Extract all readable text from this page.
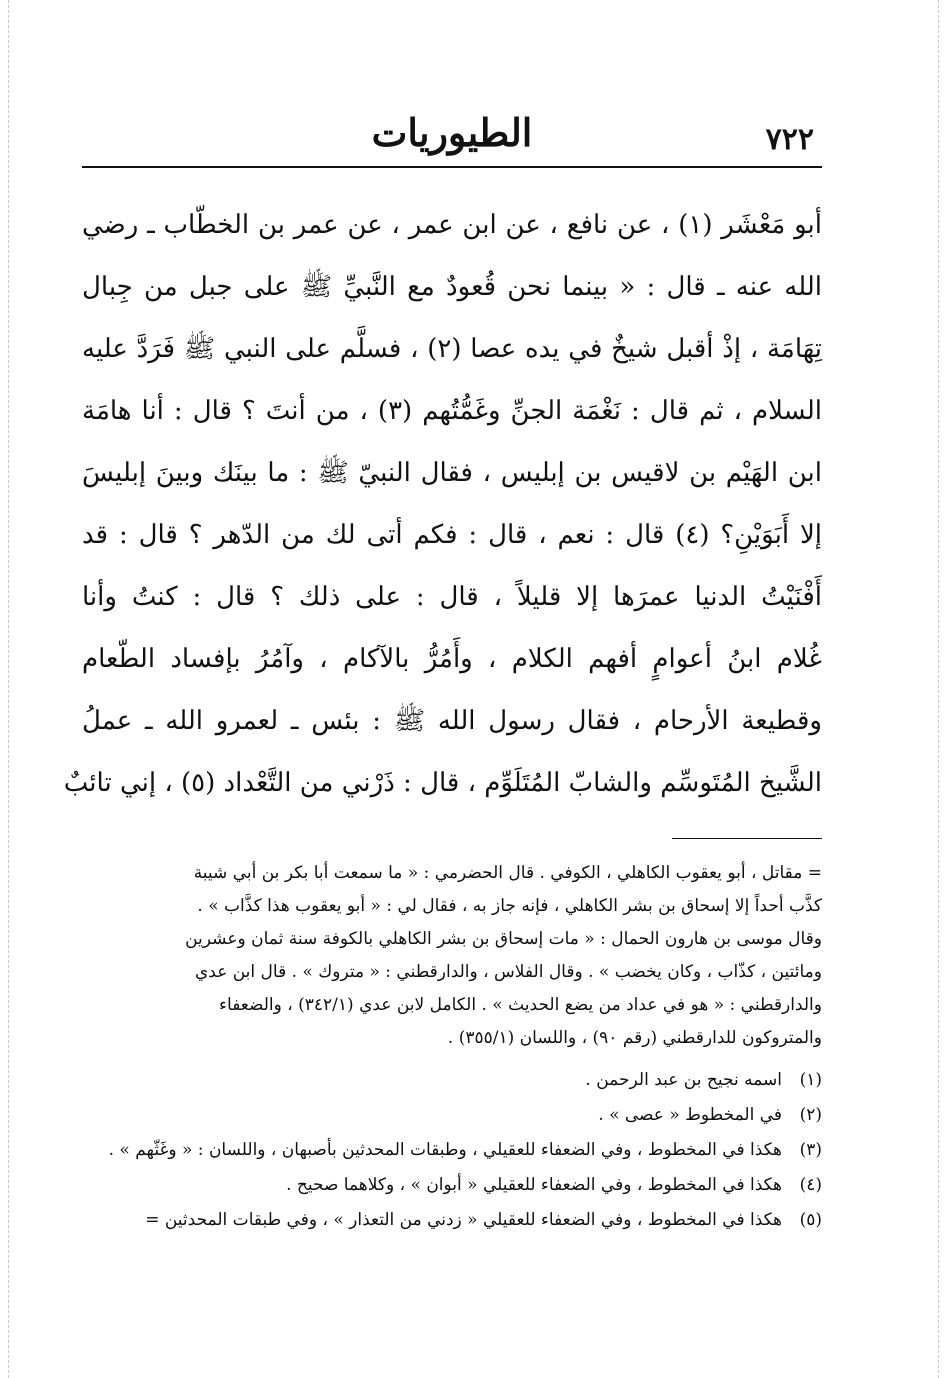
٧٢٢
الطيوريات
أبو مَعْشَر (١) ، عن نافع ، عن ابن عمر ، عن عمر بن الخطّاب ـ رضي
الله عنه ـ قال : « بينما نحن قُعودٌ مع النَّبيِّ ﷺ على جبل من جِبال
تِهَامَة ، إذْ أقبل شيخٌ في يده عصا (٢) ، فسلَّم على النبي ﷺ فَرَدَّ عليه
السلام ، ثم قال : نَغْمَة الجنِّ وغَمُّتُهم (٣) ، من أنتَ ؟ قال : أنا هامَة
ابن الهَيْم بن لاقيس بن إبليس ، فقال النبيّ ﷺ : ما بينَك وبينَ إبليسَ
إلا أَبَوَيْنِ؟ (٤) قال : نعم ، قال : فكم أتى لك من الدّهر ؟ قال : قد
أَفْنَيْتُ الدنيا عمرَها إلا قليلاً ، قال : على ذلك ؟ قال : كنتُ وأنا
غُلام ابنُ أعوامٍ أفهم الكلام ، وأَمُرُّ بالآكام ، وآمُرُ بإفساد الطّعام
وقطيعة الأرحام ، فقال رسول الله ﷺ : بئس ـ لعمرو الله ـ عملُ
الشَّيخ المُتَوسِّم والشابّ المُتَلَوِّم ، قال : ذَرْني من التَّعْداد (٥) ، إني تائبٌ
= مقاتل ، أبو يعقوب الكاهلي ، الكوفي . قال الحضرمي : « ما سمعت أبا بكر بن أبي شيبة
كذَّب أحداً إلا إسحاق بن بشر الكاهلي ، فإنه جاز به ، فقال لي : « أبو يعقوب هذا كذَّاب » .
وقال موسى بن هارون الحمال : « مات إسحاق بن بشر الكاهلي بالكوفة سنة ثمان وعشرين
ومائتين ، كذّاب ، وكان يخضب » . وقال الفلاس ، والدارقطني : « متروك » . قال ابن عدي
والدارقطني : « هو في عداد من يضع الحديث » . الكامل لابن عدي (٣٤٢/١) ، والضعفاء
والمتروكون للدارقطني (رقم ٩٠) ، واللسان (٣٥٥/١) .
(١)
اسمه نجيح بن عبد الرحمن .
(٢)
في المخطوط « عصى » .
(٣)
هكذا في المخطوط ، وفي الضعفاء للعقيلي ، وطبقات المحدثين بأصبهان ، واللسان : « وغَثّهم » .
(٤)
هكذا في المخطوط ، وفي الضعفاء للعقيلي « أبوان » ، وكلاهما صحيح .
(٥)
هكذا في المخطوط ، وفي الضعفاء للعقيلي « زدني من التعذار » ، وفي طبقات المحدثين =
